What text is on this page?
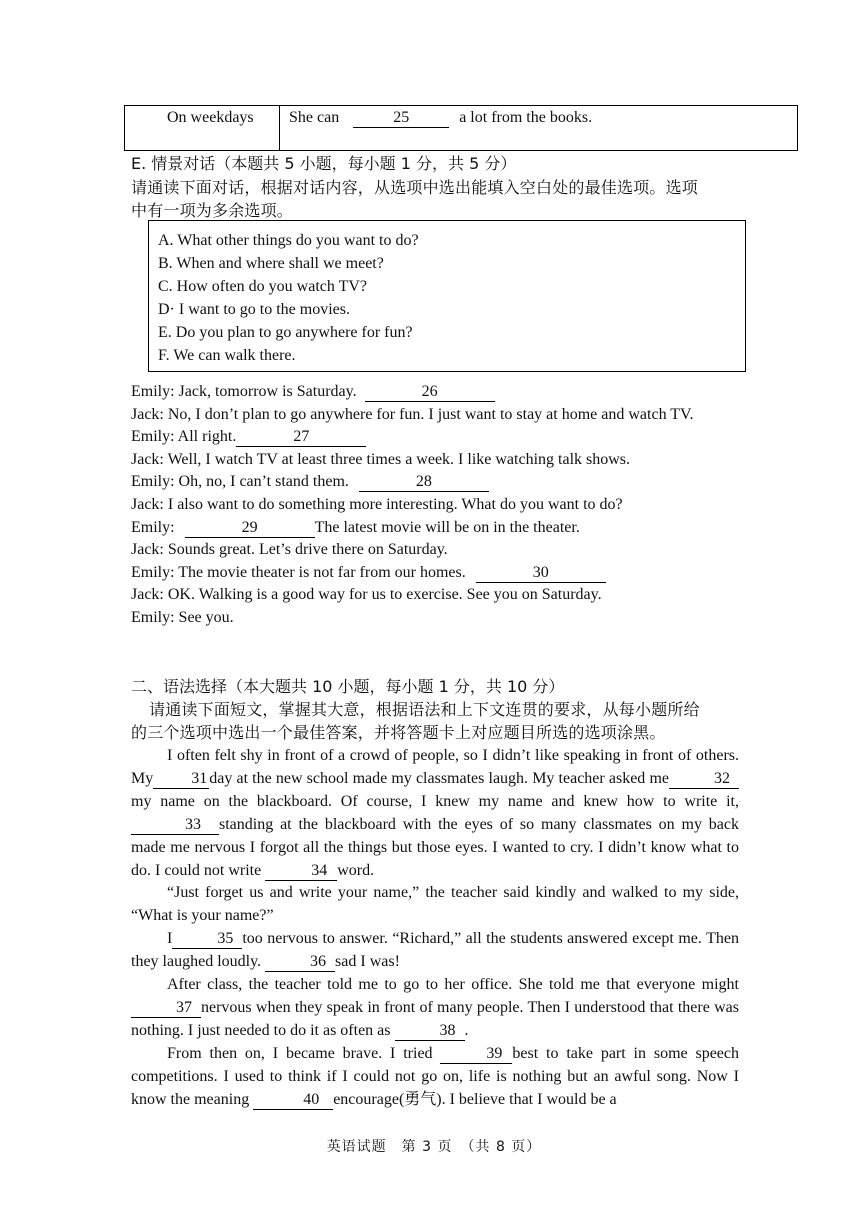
On weekdays	She can	25	a lot from the books.
E. 情景对话（本题共 5 小题，每小题 1 分，共 5 分）
请通读下面对话，根据对话内容，从选项中选出能填入空白处的最佳选项。选项
中有一项为多余选项。
A. What other things do you want to do?
B. When and where shall we meet?
C. How often do you watch TV?
D· I want to go to the movies.
E. Do you plan to go anywhere for fun?
F. We can walk there.
Emily: Jack, tomorrow is Saturday.	26
Jack: No, I don’t plan to go anywhere for fun. I just want to stay at home and watch TV.
Emily: All right.	27
Jack: Well, I watch TV at least three times a week. I like watching talk shows.
Emily: Oh, no, I can’t stand them.	28
Jack: I also want to do something more interesting. What do you want to do?
Emily:	29	The latest movie will be on in the theater.
Jack: Sounds great. Let’s drive there on Saturday.
Emily: The movie theater is not far from our homes.	30
Jack: OK. Walking is a good way for us to exercise. See you on Saturday.
Emily: See you.
二、语法选择（本大题共 10 小题，每小题 1 分，共 10 分）
请通读下面短文，掌握其大意，根据语法和上下文连贯的要求，从每小题所给
的三个选项中选出一个最佳答案，并将答题卡上对应题目所选的选项涂黑。

I often felt shy in front of a crowd of people, so I didn’t like speaking in front of others. My 31 day at the new school made my classmates laugh. My teacher asked me	32my name on the blackboard. Of course, I knew my name and knew how to write it, 33 standing at the blackboard with the eyes of so many classmates on my back made me nervous I forgot all the things but those eyes. I wanted to cry. I didn’t know what to do. I could not write	34 word.

“Just forget us and write your name,” the teacher said kindly and walked to my side, “What is your name?”

I	35 too nervous to answer. “Richard,” all the students answered except me. Then they laughed loudly.	36 sad I was!

After class, the teacher told me to go to her office. She told me that everyone might 37 nervous when they speak in front of many people. Then I understood that there was nothing. I just needed to do it as often as	38 .

From then on, I became brave. I tried	39 best to take part in some speech competitions. I used to think if I could not go on, life is nothing but an awful song. Now I know the meaning	40 encourage(勇气). I believe that I would be a

英语试题　第 3 页　（共 8 页）
